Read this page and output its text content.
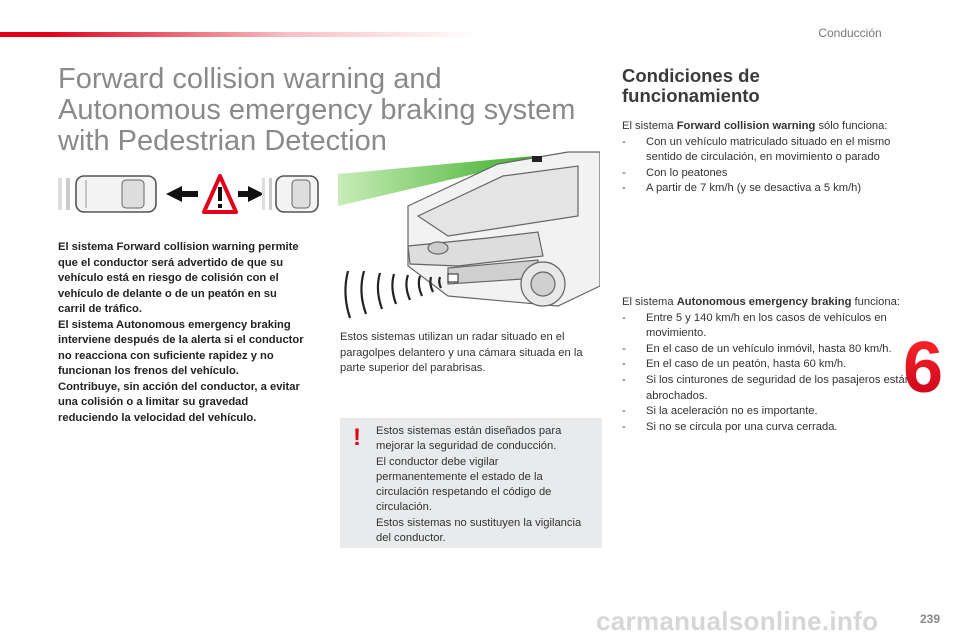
Conducción
Forward collision warning and
Autonomous emergency braking system
with Pedestrian Detection

El sistema Forward collision warning permite que el conductor será advertido de que su vehículo está en riesgo de colisión con el vehículo de delante o de un peatón en su carril de tráfico.

El sistema Autonomous emergency braking interviene después de la alerta si el conductor no reacciona con suficiente rapidez y no funcionan los frenos del vehículo.

Contribuye, sin acción del conductor, a evitar una colisión o a limitar su gravedad reduciendo la velocidad del vehículo.

Estos sistemas utilizan un radar situado en el paragolpes delantero y una cámara situada en la parte superior del parabrisas.

! Estos sistemas están diseñados para mejorar la seguridad de conducción.

El conductor debe vigilar permanentemente el estado de la circulación respetando el código de circulación.

Estos sistemas no sustituyen la vigilancia del conductor.

Condiciones de
funcionamiento
El sistema Forward collision warning sólo funciona:
- Con un vehículo matriculado situado en el mismo sentido de circulación, en movimiento o parado
- Con lo peatones
- A partir de 7 km/h (y se desactiva a 5 km/h)
El sistema Autonomous emergency braking funciona:
- Entre 5 y 140 km/h en los casos de vehículos en movimiento.
- En el caso de un vehículo inmóvil, hasta 80 km/h.
- En el caso de un peatón, hasta 60 km/h.
- Si los cinturones de seguridad de los pasajeros están abrochados.
- Si la aceleración no es importante.
- Si no se circula por una curva cerrada.
6
239
carmanualsonline.info
